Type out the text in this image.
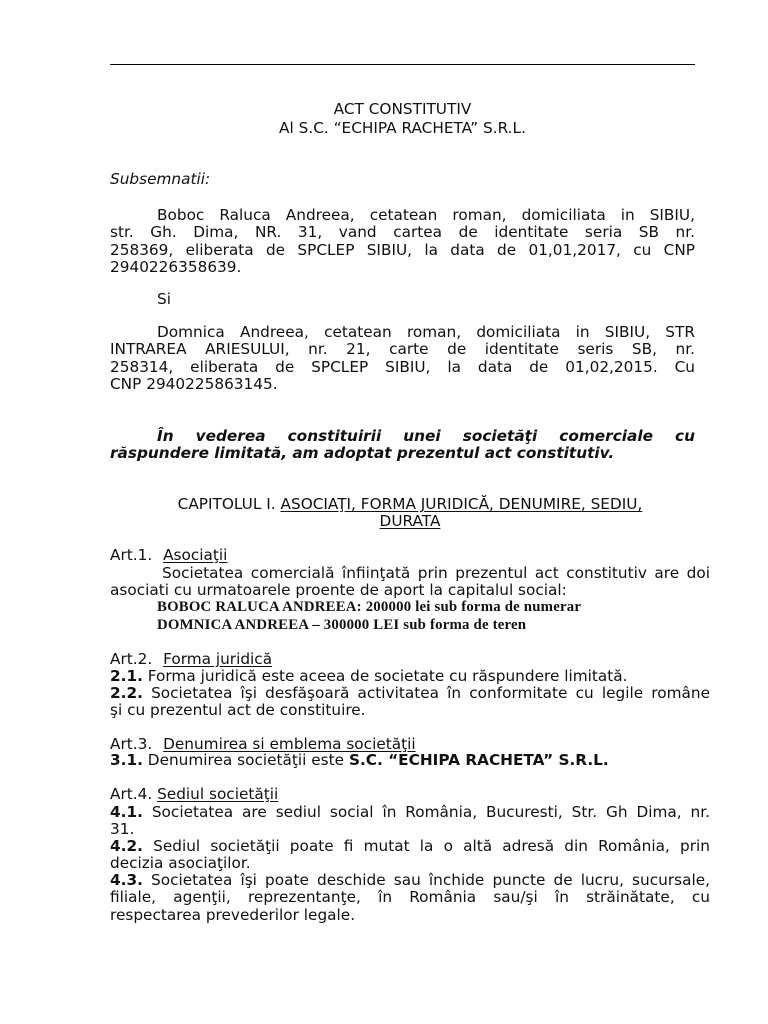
ACT CONSTITUTIV
Al S.C. “ECHIPA RACHETA” S.R.L.
Subsemnatii:
Boboc Raluca Andreea, cetatean roman, domiciliata in SIBIU,
str. Gh. Dima, NR. 31, vand cartea de identitate seria SB nr.
258369, eliberata de SPCLEP SIBIU, la data de 01,01,2017, cu CNP
2940226358639.
Si
Domnica Andreea, cetatean roman, domiciliata in SIBIU, STR
INTRAREA ARIESULUI, nr. 21, carte de identitate seris SB, nr.
258314, eliberata de SPCLEP SIBIU, la data de 01,02,2015. Cu
CNP 2940225863145.
În vederea constituirii unei societăţi comerciale cu
răspundere limitată, am adoptat prezentul act constitutiv.
CAPITOLUL I. ASOCIAŢI, FORMA JURIDICĂ, DENUMIRE, SEDIU,
DURATA
Art.1. Asociaţii
Societatea comercială înfiinţată prin prezentul act constitutiv are doi
asociati cu urmatoarele proente de aport la capitalul social:
BOBOC RALUCA ANDREEA: 200000 lei sub forma de numerar
DOMNICA ANDREEA – 300000 LEI sub forma de teren
Art.2. Forma juridică
2.1. Forma juridică este aceea de societate cu răspundere limitată.
2.2. Societatea îşi desfăşoară activitatea în conformitate cu legile române
şi cu prezentul act de constituire.
Art.3. Denumirea si emblema societăţii
3.1. Denumirea societăţii este S.C. “ECHIPA RACHETA” S.R.L.
Art.4. Sediul societăţii
4.1. Societatea are sediul social în România, Bucuresti, Str. Gh Dima, nr.
31.
4.2. Sediul societăţii poate fi mutat la o altă adresă din România, prin
decizia asociaţilor.
4.3. Societatea îşi poate deschide sau închide puncte de lucru, sucursale,
filiale, agenţii, reprezentanţe, în România sau/şi în străinătate, cu
respectarea prevederilor legale.
